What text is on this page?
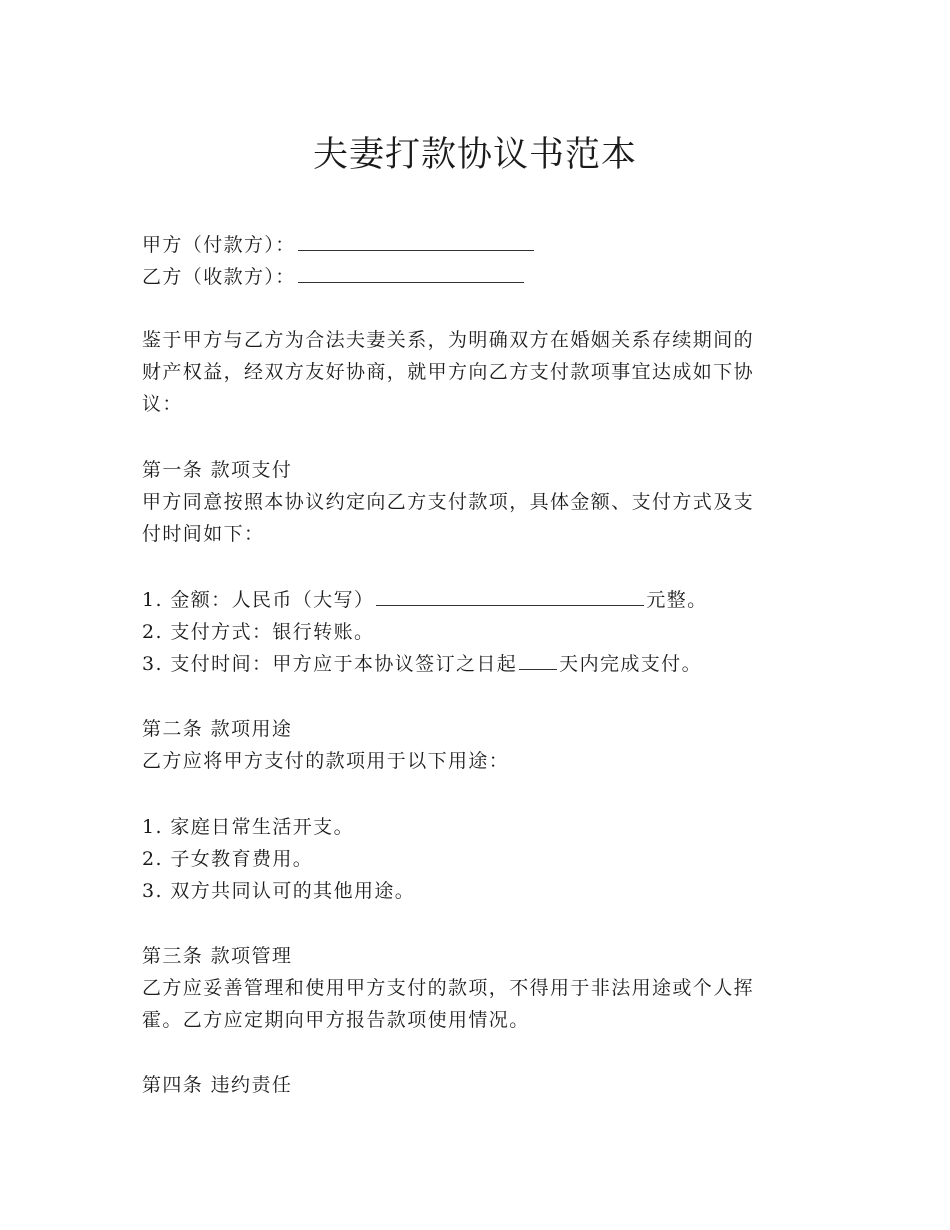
夫妻打款协议书范本
甲方（付款方）：
乙方（收款方）：
鉴于甲方与乙方为合法夫妻关系，为明确双方在婚姻关系存续期间的
财产权益，经双方友好协商，就甲方向乙方支付款项事宜达成如下协
议：
第一条 款项支付
甲方同意按照本协议约定向乙方支付款项，具体金额、支付方式及支
付时间如下：
1. 金额：人民币（大写）	元整。
2. 支付方式：银行转账。
3. 支付时间：甲方应于本协议签订之日起 天内完成支付。
第二条 款项用途
乙方应将甲方支付的款项用于以下用途：
1. 家庭日常生活开支。
2. 子女教育费用。
3. 双方共同认可的其他用途。
第三条 款项管理
乙方应妥善管理和使用甲方支付的款项，不得用于非法用途或个人挥
霍。乙方应定期向甲方报告款项使用情况。
第四条 违约责任
